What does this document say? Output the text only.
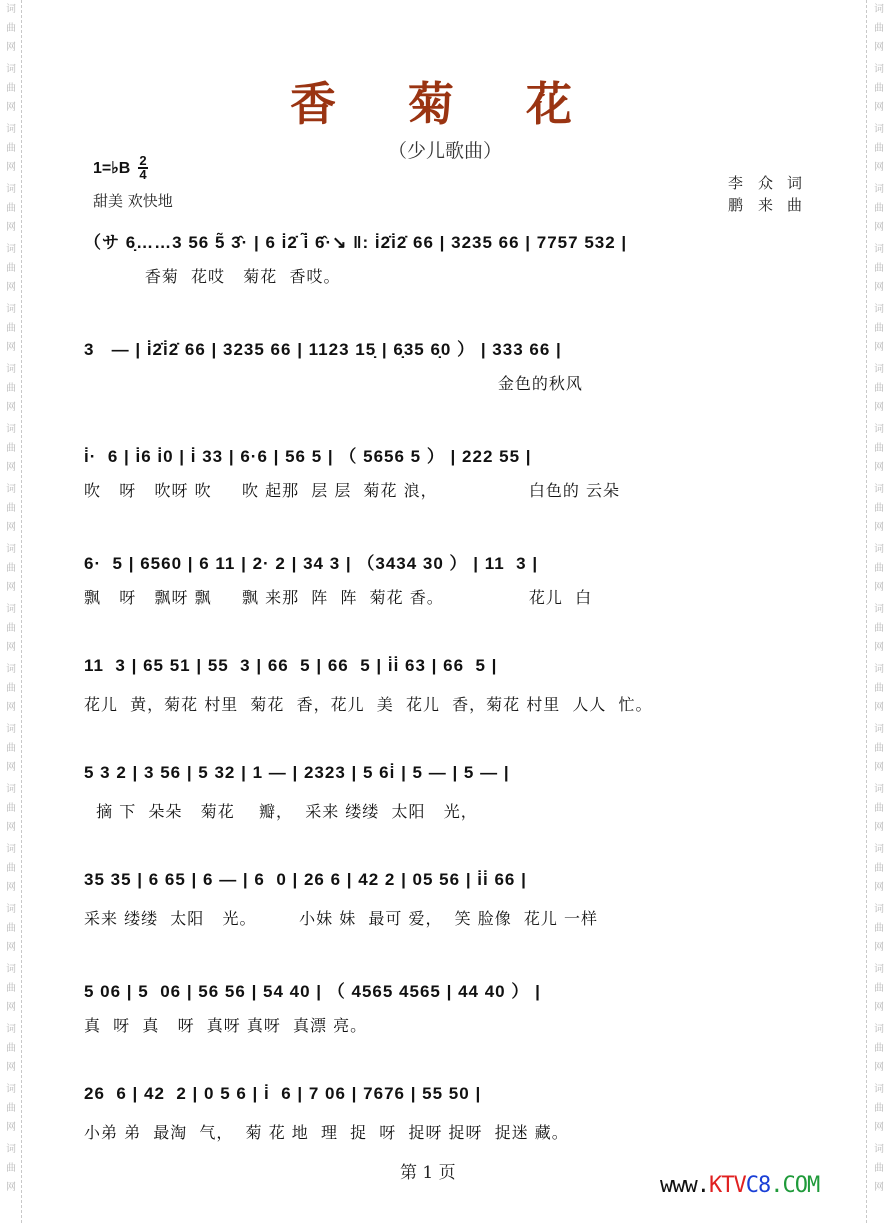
词
曲
网
词
曲
网
词
曲
网
词
曲
网
词
曲
网
词
曲
网
词
曲
网
词
曲
网
词
曲
网
词
曲
网
词
曲
网
词
曲
网
词
曲
网
词
曲
网
词
曲
网
词
曲
网
词
曲
网
词
曲
网
词
曲
网
词
曲
网
词
曲
网
词
曲
网
词
曲
网
词
曲
网
词
曲
网
词
曲
网
词
曲
网
词
曲
网
词
曲
网
词
曲
网
词
曲
网
词
曲
网
词
曲
网
词
曲
网
词
曲
网
词
曲
网
词
曲
网
词
曲
网
词
曲
网
词
曲
网
香 菊 花
（少儿歌曲）
1=♭B $\frac{2}{4}$
甜美 欢快地
李　众 词
鹏　来 曲
（サ 6̣……3 56 5̃ 3̂· | 6 i̇2̇ i̇̃ 6̂·↘ ‖: i̇2̇i̇2̇ 66 | 3235 66 | 7757 532 |
香菊  花哎   菊花  香哎。
3   — | i̇2̇i̇2̇ 66 | 3235 66 | 1123 15̣ | 6̣35 6̣0 ） | 333 66 |
金色的秋风
i̇·  6 | i̇6 i̇0 | i̇ 33 | 6·6 | 56 5 | （ 5656 5 ） | 222 55 |
吹   呀   吹呀 吹     吹 起那  层 层  菊花 浪，               白色的 云朵
6·  5 | 6560 | 6 11 | 2· 2 | 34 3 | （3434 30 ） | 11  3 |
飘   呀   飘呀 飘     飘 来那  阵  阵  菊花 香。              花儿  白
11  3 | 65 51 | 55  3 | 66  5 | 66  5 | i̇i̇ 63 | 66  5 |
花儿  黄，菊花 村里  菊花  香，花儿  美  花儿  香，菊花 村里  人人  忙。
5 3 2 | 3 56 | 5 32 | 1 — | 2323 | 5 6i̇ | 5 — | 5 — |
摘 下  朵朵   菊花    瓣，  采来 缕缕  太阳   光，
35 35 | 6 65 | 6 — | 6  0 | 26 6 | 42 2 | 05 56 | i̇i̇ 66 |
采来 缕缕  太阳   光。       小妹 妹  最可 爱，  笑 脸像  花儿 一样
5 06 | 5  06 | 56 56 | 54 40 | （ 4565 4565 | 44 40 ） |
真  呀  真   呀  真呀 真呀  真漂 亮。
26  6 | 42  2 | 0 5 6 | i̇  6 | 7 06 | 7676 | 55 50 |
小弟 弟  最淘  气，  菊 花 地  理  捉  呀  捉呀 捉呀  捉迷 藏。
第 1 页	www.KTVC8.COM
